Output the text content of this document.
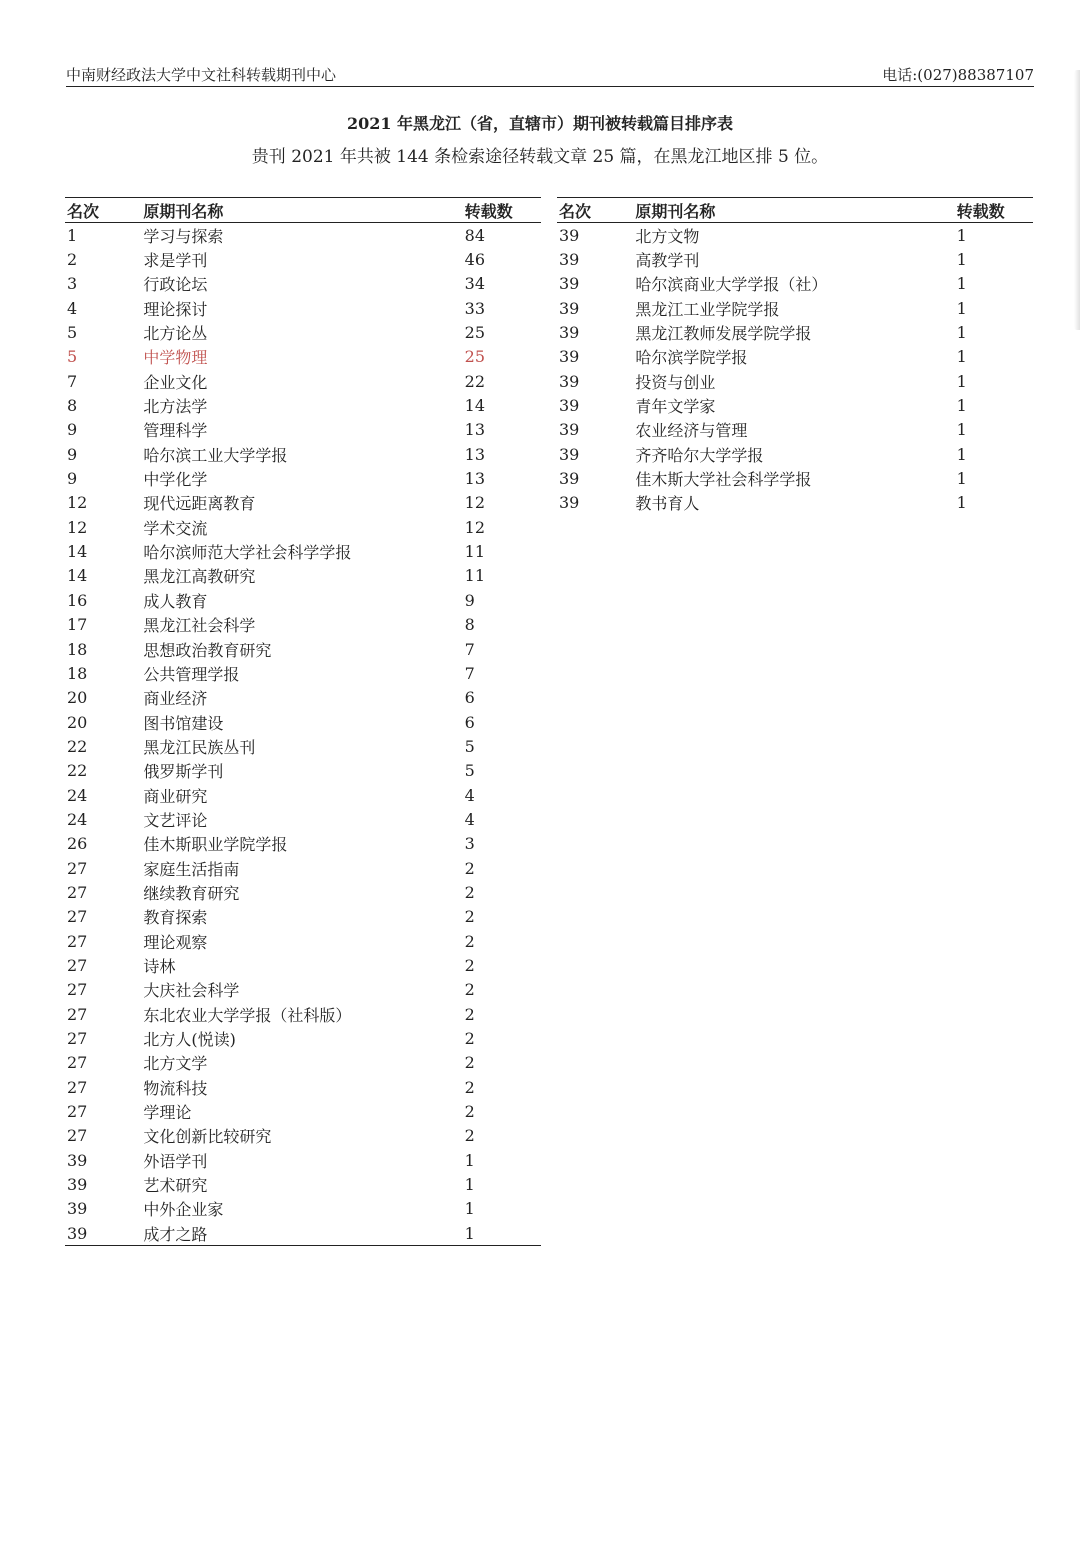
中南财经政法大学中文社科转载期刊中心	电话:(027)88387107
2021 年黑龙江（省，直辖市）期刊被转载篇目排序表
贵刊 2021 年共被 144 条检索途径转载文章 25 篇，在黑龙江地区排 5 位。
名次	原期刊名称	转载数
1	学习与探索	84
2	求是学刊	46
3	行政论坛	34
4	理论探讨	33
5	北方论丛	25
5	中学物理	25
7	企业文化	22
8	北方法学	14
9	管理科学	13
9	哈尔滨工业大学学报	13
9	中学化学	13
12	现代远距离教育	12
12	学术交流	12
14	哈尔滨师范大学社会科学学报	11
14	黑龙江高教研究	11
16	成人教育	9
17	黑龙江社会科学	8
18	思想政治教育研究	7
18	公共管理学报	7
20	商业经济	6
20	图书馆建设	6
22	黑龙江民族丛刊	5
22	俄罗斯学刊	5
24	商业研究	4
24	文艺评论	4
26	佳木斯职业学院学报	3
27	家庭生活指南	2
27	继续教育研究	2
27	教育探索	2
27	理论观察	2
27	诗林	2
27	大庆社会科学	2
27	东北农业大学学报（社科版）	2
27	北方人(悦读)	2
27	北方文学	2
27	物流科技	2
27	学理论	2
27	文化创新比较研究	2
39	外语学刊	1
39	艺术研究	1
39	中外企业家	1
39	成才之路	1
名次	原期刊名称	转载数
39	北方文物	1
39	高教学刊	1
39	哈尔滨商业大学学报（社）	1
39	黑龙江工业学院学报	1
39	黑龙江教师发展学院学报	1
39	哈尔滨学院学报	1
39	投资与创业	1
39	青年文学家	1
39	农业经济与管理	1
39	齐齐哈尔大学学报	1
39	佳木斯大学社会科学学报	1
39	教书育人	1
